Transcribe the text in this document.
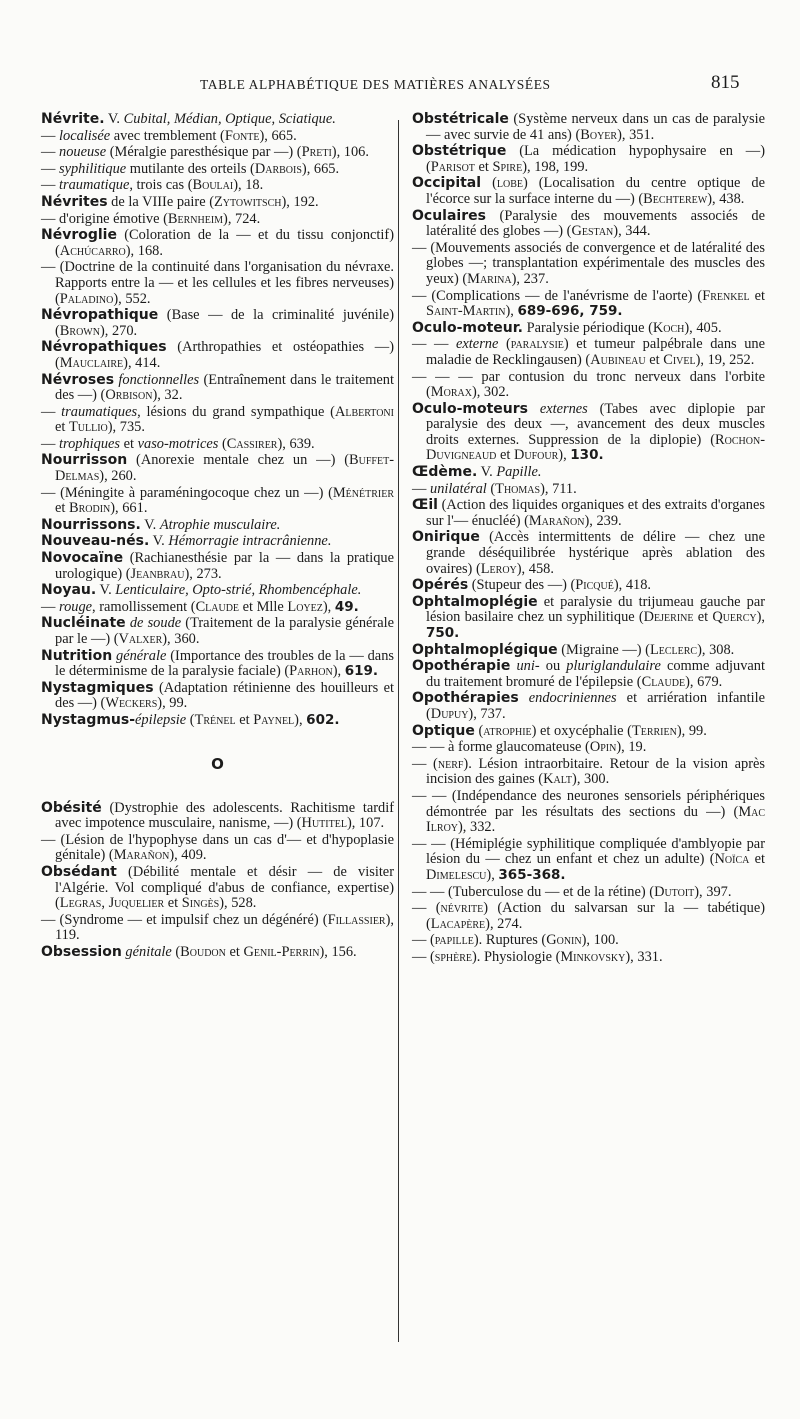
TABLE ALPHABÉTIQUE DES MATIÈRES ANALYSÉES	815
Névrite. V. Cubital, Médian, Optique, Sciatique.
— localisée avec tremblement (Fonte), 665.
— noueuse (Méralgie paresthésique par —) (Preti), 106.
— syphilitique mutilante des orteils (Darbois), 665.
— traumatique, trois cas (Boulai), 18.
Névrites de la VIIIe paire (Zytowitsch), 192.
— d'origine émotive (Bernheim), 724.
Névroglie (Coloration de la — et du tissu conjonctif) (Achúcarro), 168.
— (Doctrine de la continuité dans l'organisation du névraxe. Rapports entre la — et les cellules et les fibres nerveuses) (Paladino), 552.
Névropathique (Base — de la criminalité juvénile) (Brown), 270.
Névropathiques (Arthropathies et ostéopathies —) (Mauclaire), 414.
Névroses fonctionnelles (Entraînement dans le traitement des —) (Orbison), 32.
— traumatiques, lésions du grand sympathique (Albertoni et Tullio), 735.
— trophiques et vaso-motrices (Cassirer), 639.
Nourrisson (Anorexie mentale chez un —) (Buffet-Delmas), 260.
— (Méningite à paraméningocoque chez un —) (Ménétrier et Brodin), 661.
Nourrissons. V. Atrophie musculaire.
Nouveau-nés. V. Hémorragie intracrânienne.
Novocaïne (Rachianesthésie par la — dans la pratique urologique) (Jeanbrau), 273.
Noyau. V. Lenticulaire, Opto-strié, Rhombencéphale.
— rouge, ramollissement (Claude et Mlle Loyez), 49.
Nucléinate de soude (Traitement de la paralysie générale par le —) (Valxer), 360.
Nutrition générale (Importance des troubles de la — dans le déterminisme de la paralysie faciale) (Parhon), 619.
Nystagmiques (Adaptation rétinienne des houilleurs et des —) (Weckers), 99.
Nystagmus-épilepsie (Trénel et Paynel), 602.
O
Obésité (Dystrophie des adolescents. Rachitisme tardif avec impotence musculaire, nanisme, —) (Hutitel), 107.
— (Lésion de l'hypophyse dans un cas d'— et d'hypoplasie génitale) (Marañon), 409.
Obsédant (Débilité mentale et désir — de visiter l'Algérie. Vol compliqué d'abus de confiance, expertise) (Legras, Juquelier et Singès), 528.
— (Syndrome — et impulsif chez un dégénéré) (Fillassier), 119.
Obsession génitale (Boudon et Genil-Perrin), 156.
Obstétricale (Système nerveux dans un cas de paralysie — avec survie de 41 ans) (Boyer), 351.
Obstétrique (La médication hypophysaire en —) (Parisot et Spire), 198, 199.
Occipital (lobe) (Localisation du centre optique de l'écorce sur la surface interne du —) (Bechterew), 438.
Oculaires (Paralysie des mouvements associés de latéralité des globes —) (Gestan), 344.
— (Mouvements associés de convergence et de latéralité des globes —; transplantation expérimentale des muscles des yeux) (Marina), 237.
— (Complications — de l'anévrisme de l'aorte) (Frenkel et Saint-Martin), 689-696, 759.
Oculo-moteur. Paralysie périodique (Koch), 405.
— — externe (paralysie) et tumeur palpébrale dans une maladie de Recklingausen) (Aubineau et Civel), 19, 252.
— — — par contusion du tronc nerveux dans l'orbite (Morax), 302.
Oculo-moteurs externes (Tabes avec diplopie par paralysie des deux —, avancement des deux muscles droits externes. Suppression de la diplopie) (Rochon-Duvigneaud et Dufour), 130.
Œdème. V. Papille.
— unilatéral (Thomas), 711.
Œil (Action des liquides organiques et des extraits d'organes sur l'— énucléé) (Marañon), 239.
Onirique (Accès intermittents de délire — chez une grande déséquilibrée hystérique après ablation des ovaires) (Leroy), 458.
Opérés (Stupeur des —) (Picqué), 418.
Ophtalmoplégie et paralysie du trijumeau gauche par lésion basilaire chez un syphilitique (Dejerine et Quercy), 750.
Ophtalmoplégique (Migraine —) (Leclerc), 308.
Opothérapie uni- ou pluriglandulaire comme adjuvant du traitement bromuré de l'épilepsie (Claude), 679.
Opothérapies endocriniennes et arriération infantile (Dupuy), 737.
Optique (atrophie) et oxycéphalie (Terrien), 99.
— — à forme glaucomateuse (Opin), 19.
— (nerf). Lésion intraorbitaire. Retour de la vision après incision des gaines (Kalt), 300.
— — (Indépendance des neurones sensoriels périphériques démontrée par les résultats des sections du —) (Mac Ilroy), 332.
— — (Hémiplégie syphilitique compliquée d'amblyopie par lésion du — chez un enfant et chez un adulte) (Noïca et Dimelescu), 365-368.
— — (Tuberculose du — et de la rétine) (Dutoit), 397.
— (névrite) (Action du salvarsan sur la — tabétique) (Lacapère), 274.
— (papille). Ruptures (Gonin), 100.
— (sphère). Physiologie (Minkovsky), 331.
